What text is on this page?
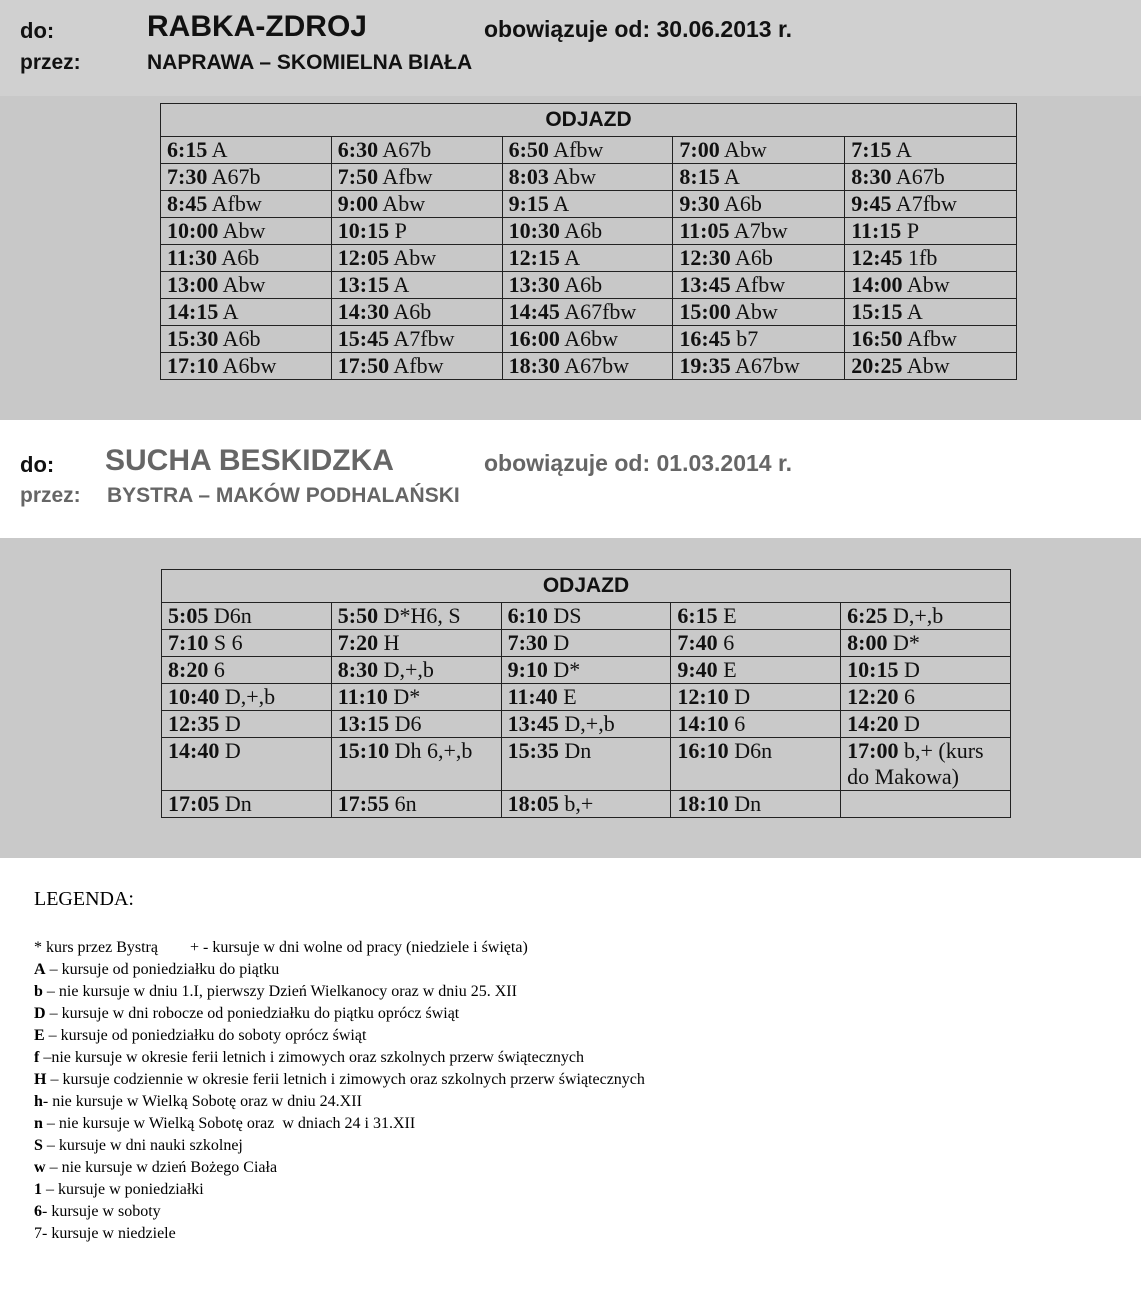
do:	RABKA-ZDROJ	obowiązuje od: 30.06.2013 r.
przez:	NAPRAWA – SKOMIELNA BIAŁA
ODJAZD				
6:15 A	6:30 A67b	6:50 Afbw	7:00 Abw	7:15 A
7:30 A67b	7:50 Afbw	8:03 Abw	8:15 A	8:30 A67b
8:45 Afbw	9:00 Abw	9:15 A	9:30 A6b	9:45 A7fbw
10:00 Abw	10:15 P	10:30 A6b	11:05 A7bw	11:15 P
11:30 A6b	12:05 Abw	12:15 A	12:30 A6b	12:45 1fb
13:00 Abw	13:15 A	13:30 A6b	13:45 Afbw	14:00 Abw
14:15 A	14:30 A6b	14:45 A67fbw	15:00 Abw	15:15 A
15:30 A6b	15:45 A7fbw	16:00 A6bw	16:45 b7	16:50 Afbw
17:10 A6bw	17:50 Afbw	18:30 A67bw	19:35 A67bw	20:25 Abw
do: SUCHA BESKIDZKA	obowiązuje od: 01.03.2014 r.
przez: BYSTRA – MAKÓW PODHALAŃSKI
ODJAZD				
5:05 D6n	5:50 D*H6, S	6:10 DS	6:15 E	6:25 D,+,b
7:10 S 6	7:20 H	7:30 D	7:40 6	8:00 D*
8:20 6	8:30 D,+,b	9:10 D*	9:40 E	10:15 D
10:40 D,+,b	11:10 D*	11:40 E	12:10 D	12:20 6
12:35 D	13:15 D6	13:45 D,+,b	14:10 6	14:20 D
14:40 D	15:10 Dh 6,+,b	15:35 Dn	16:10 D6n	17:00 b,+ (kurs do Makowa)
17:05 Dn	17:55 6n	18:05 b,+	18:10 Dn	
LEGENDA:
* kurs przez Bystrą        + - kursuje w dni wolne od pracy (niedziele i święta)
A – kursuje od poniedziałku do piątku
b – nie kursuje w dniu 1.I, pierwszy Dzień Wielkanocy oraz w dniu 25. XII
D – kursuje w dni robocze od poniedziałku do piątku oprócz świąt
E – kursuje od poniedziałku do soboty oprócz świąt
f –nie kursuje w okresie ferii letnich i zimowych oraz szkolnych przerw świątecznych
H – kursuje codziennie w okresie ferii letnich i zimowych oraz szkolnych przerw świątecznych
h- nie kursuje w Wielką Sobotę oraz w dniu 24.XII
n – nie kursuje w Wielką Sobotę oraz  w dniach 24 i 31.XII
S – kursuje w dni nauki szkolnej
w – nie kursuje w dzień Bożego Ciała
1 – kursuje w poniedziałki
6- kursuje w soboty
7- kursuje w niedziele
